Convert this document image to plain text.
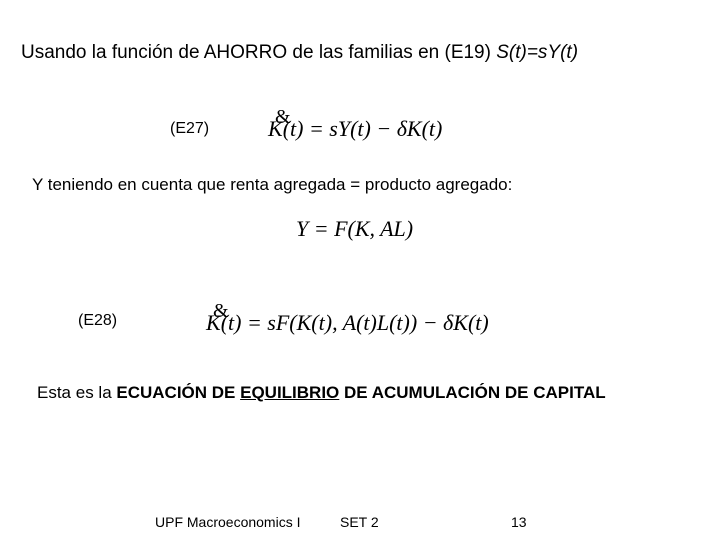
Usando la función de AHORRO de las familias en (E19) S(t)=sY(t)
(E27)	K(t) = sY(t) − δK(t)
&
Y teniendo en cuenta que renta agregada = producto agregado:
Y = F(K, AL)
(E28)	K(t) = sF(K(t), A(t)L(t)) − δK(t)
&
Esta es la ECUACIÓN DE EQUILIBRIO DE ACUMULACIÓN DE CAPITAL
UPF Macroeconomics I	SET 2	13
